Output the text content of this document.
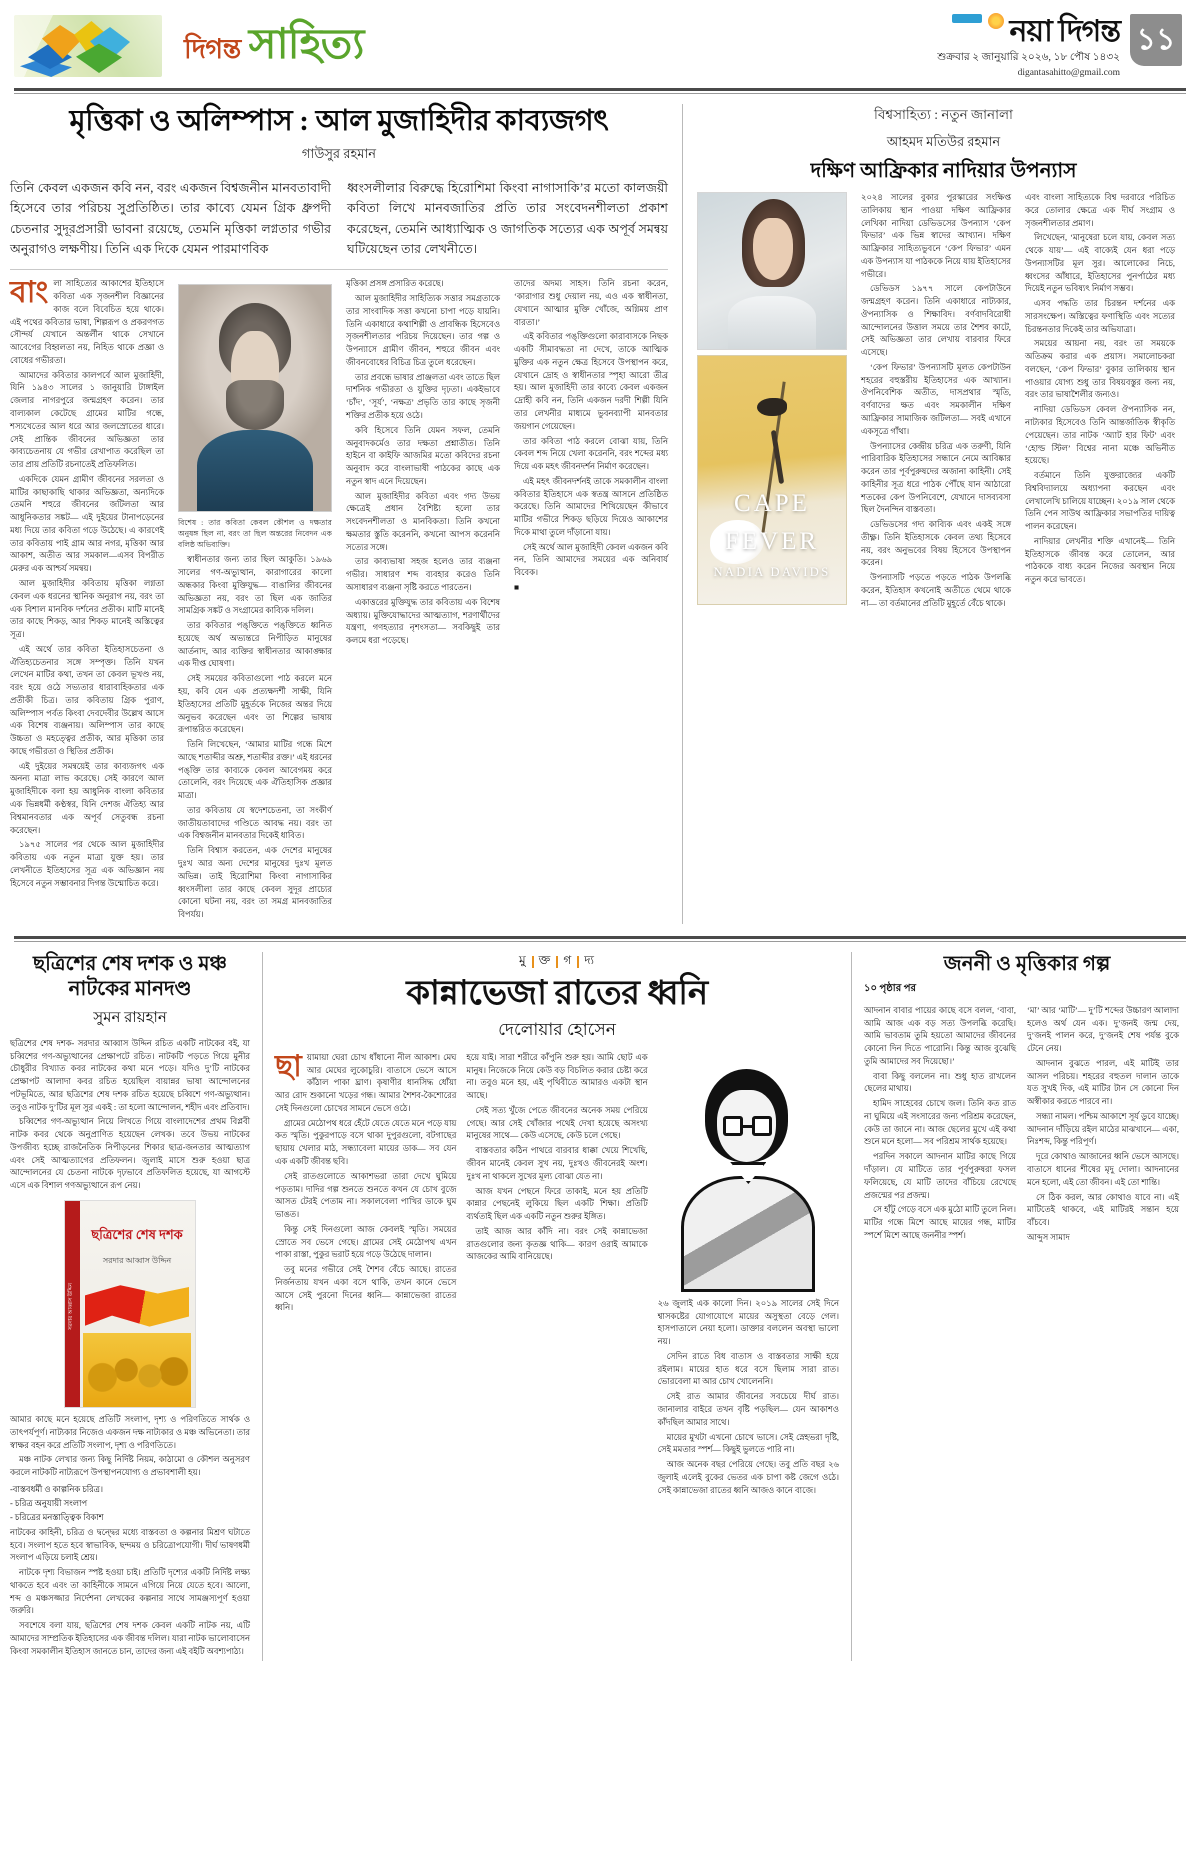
দিগন্ত সাহিত্য	নয়া দিগন্ত
শুক্রবার ২ জানুয়ারি ২০২৬, ১৮ পৌষ ১৪৩২
digantasahitto@gmail.com
১১
মৃত্তিকা ও অলিম্পাস : আল মুজাহিদীর কাব্যজগৎ
গাউসুর রহমান

তিনি কেবল একজন কবি নন, বরং একজন বিশ্বজনীন মানবতাবাদী হিসেবে তার পরিচয় সুপ্রতিষ্ঠিত। তার কাব্যে যেমন গ্রিক ধ্রুপদী চেতনার সুদূরপ্রসারী ভাবনা রয়েছে, তেমনি মৃত্তিকা লগ্নতার গভীর অনুরাগও লক্ষণীয়। তিনি এক দিকে যেমন পারমাণবিক

ধ্বংসলীলার বিরুদ্ধে হিরোশিমা কিংবা নাগাসাকি’র মতো কালজয়ী কবিতা লিখে মানবজাতির প্রতি তার সংবেদনশীলতা প্রকাশ করেছেন, তেমনি আধ্যাত্মিক ও জাগতিক সত্যের এক অপূর্ব সমন্বয় ঘটিয়েছেন তার লেখনীতে।

বাংলা সাহিত্যের আকাশের ইতিহাসে কবিতা এক সৃজনশীল বিজ্ঞানের কাজ বলে বিবেচিত হয়ে থাকে। এই পথের কবিতার ভাষা, শিল্পরূপ ও প্রকরণগত সৌন্দর্য যেখানে অন্তর্লীন থাকে সেখানে আবেগের বিহ্বলতা নয়, নিহিত থাকে প্রজ্ঞা ও বোধের গভীরতা।

আমাদের কবিতার কালপর্বে আল মুজাহিদী, যিনি ১৯৪৩ সালের ১ জানুয়ারি টাঙ্গাইল জেলার নাগরপুরে জন্মগ্রহণ করেন। তার বাল্যকাল কেটেছে গ্রামের মাটির গন্ধে, শস্যখেতের আল ধরে আর জলস্রোতের ধারে। সেই প্রান্তিক জীবনের অভিজ্ঞতা তার কাব্যচেতনায় যে গভীর রেখাপাত করেছিল তা তার প্রায় প্রতিটি রচনাতেই প্রতিফলিত।

একদিকে যেমন গ্রামীণ জীবনের সরলতা ও মাটির কাছাকাছি থাকার অভিজ্ঞতা, অন্যদিকে তেমনি শহুরে জীবনের জটিলতা আর আধুনিকতার সঙ্কট— এই দুইয়ের টানাপড়েনের মধ্য দিয়ে তার কবিতা গড়ে উঠেছে। এ কারণেই তার কবিতায় পাই গ্রাম আর নগর, মৃত্তিকা আর আকাশ, অতীত আর সমকাল—এসব বিপরীত মেরুর এক আশ্চর্য সমন্বয়।

আল মুজাহিদীর কবিতায় মৃত্তিকা লগ্নতা কেবল এক ধরনের স্থানিক অনুরাগ নয়, বরং তা এক বিশাল মানবিক দর্শনের প্রতীক। মাটি মানেই তার কাছে শিকড়, আর শিকড় মানেই অস্তিত্বের সূত্র।

এই অর্থে তার কবিতা ইতিহাসচেতনা ও ঐতিহ্যচেতনার সঙ্গে সম্পৃক্ত। তিনি যখন লেখেন মাটির কথা, তখন তা কেবল ভূখণ্ড নয়, বরং হয়ে ওঠে সভ্যতার ধারাবাহিকতার এক প্রতীকী চিত্র। তার কবিতায় গ্রিক পুরাণ, অলিম্পাস পর্বত কিংবা দেবদেবীর উল্লেখ আসে এক বিশেষ ব্যঞ্জনায়। অলিম্পাস তার কাছে উচ্চতা ও মহত্ত্বের প্রতীক, আর মৃত্তিকা তার কাছে গভীরতা ও স্থিতির প্রতীক।

এই দুইয়ের সমন্বয়েই তার কাব্যজগৎ এক অনন্য মাত্রা লাভ করেছে। সেই কারণে আল মুজাহিদীকে বলা হয় আধুনিক বাংলা কবিতার এক ভিন্নধর্মী কণ্ঠস্বর, যিনি দেশজ ঐতিহ্য আর বিশ্বমানবতার এক অপূর্ব সেতুবন্ধ রচনা করেছেন।

১৯৭৫ সালের পর থেকে আল মুজাহিদীর কবিতায় এক নতুন মাত্রা যুক্ত হয়। তার লেখনীতে ইতিহাসের সূত্র এক অভিজ্ঞান নয় হিসেবে নতুন সম্ভাবনার দিগন্ত উন্মোচিত করে।

বিশেষ : তার কবিতা কেবল কৌশল ও দক্ষতার অনুষঙ্গ ছিল না, বরং তা ছিল অন্তরের নিবেদন এক বলিষ্ঠ অভিব্যক্তি।

স্বাধীনতার জন্য তার ছিল আকুতি। ১৯৬৯ সালের গণ-অভ্যুত্থান, কারাগারের কালো অন্ধকার কিংবা মুক্তিযুদ্ধ— বাঙালির জীবনের অভিজ্ঞতা নয়, বরং তা ছিল এক জাতির সামগ্রিক সঙ্কট ও সংগ্রামের কাব্যিক দলিল।

তার কবিতার পঙ্‌ক্তিতে পঙ্‌ক্তিতে ধ্বনিত হয়েছে অর্থ অভ্যন্তরে নিপীড়িত মানুষের আর্তনাদ, আর ব্যক্তির স্বাধীনতার আকাঙ্ক্ষার এক দীপ্ত ঘোষণা।

সেই সময়ের কবিতাগুলো পাঠ করলে মনে হয়, কবি যেন এক প্রত্যক্ষদর্শী সাক্ষী, যিনি ইতিহাসের প্রতিটি মুহূর্তকে নিজের অন্তর দিয়ে অনুভব করেছেন এবং তা শিল্পের ভাষায় রূপান্তরিত করেছেন।

তিনি লিখেছেন, ‘আমার মাটির গন্ধে মিশে আছে শতাব্দীর অশ্রু, শতাব্দীর রক্ত।’ এই ধরনের পঙ্‌ক্তি তার কাব্যকে কেবল আবেগময় করে তোলেনি, বরং দিয়েছে এক ঐতিহাসিক প্রজ্ঞার মাত্রা।

তার কবিতায় যে স্বদেশচেতনা, তা সংকীর্ণ জাতীয়তাবাদের গণ্ডিতে আবদ্ধ নয়। বরং তা এক বিশ্বজনীন মানবতার দিকেই ধাবিত।

তিনি বিশ্বাস করতেন, এক দেশের মানুষের দুঃখ আর অন্য দেশের মানুষের দুঃখ মূলত অভিন্ন। তাই হিরোশিমা কিংবা নাগাসাকির ধ্বংসলীলা তার কাছে কেবল সুদূর প্রাচ্যের কোনো ঘটনা নয়, বরং তা সমগ্র মানবজাতির বিপর্যয়।

মৃত্তিকা প্রসঙ্গ প্রসারিত করেছে।

আল মুজাহিদীর সাহিত্যিক সত্তার সমগ্রতাকে তার সাংবাদিক সত্তা কখনো চাপা পড়ে যায়নি। তিনি একাধারে কথাশিল্পী ও প্রাবন্ধিক হিসেবেও সৃজনশীলতার পরিচয় দিয়েছেন। তার গল্প ও উপন্যাসে গ্রামীণ জীবন, শহুরে জীবন এবং জীবনবোধের বিচিত্র চিত্র তুলে ধরেছেন।

তার প্রবন্ধে ভাষার প্রাঞ্জলতা এবং তাতে ছিল দার্শনিক গভীরতা ও যুক্তির দৃঢ়তা। একইভাবে ‘চাঁদ’, ‘সূর্য’, ‘নক্ষত্র’ প্রভৃতি তার কাছে সৃজনী শক্তির প্রতীক হয়ে ওঠে।

কবি হিসেবে তিনি যেমন সফল, তেমনি অনুবাদকর্মেও তার দক্ষতা প্রশ্নাতীত। তিনি হাইনে বা কাইফি আজমির মতো কবিদের রচনা অনুবাদ করে বাংলাভাষী পাঠকের কাছে এক নতুন স্বাদ এনে দিয়েছেন।

আল মুজাহিদীর কবিতা এবং গদ্য উভয় ক্ষেত্রেই প্রধান বৈশিষ্ট্য হলো তার সংবেদনশীলতা ও মানবিকতা। তিনি কখনো ক্ষমতার স্তুতি করেননি, কখনো আপস করেননি সত্যের সঙ্গে।

তার কাব্যভাষা সহজ হলেও তার ব্যঞ্জনা গভীর। সাধারণ শব্দ ব্যবহার করেও তিনি অসাধারণ ব্যঞ্জনা সৃষ্টি করতে পারতেন।

একাত্তরের মুক্তিযুদ্ধ তার কবিতায় এক বিশেষ অধ্যায়। মুক্তিযোদ্ধাদের আত্মত্যাগ, শরণার্থীদের যন্ত্রণা, গণহত্যার নৃশংসতা— সবকিছুই তার কলমে ধরা পড়েছে।

তাদের অদম্য সাহস। তিনি রচনা করেন, ‘কারাগার শুধু দেয়াল নয়, এও এক স্বাধীনতা, যেখানে আত্মার মুক্তি খোঁজে, অগ্নিময় প্রাণ বারতা।’

এই কবিতার পঙ্‌ক্তিগুলো কারাবাসকে নিছক একটি সীমাবদ্ধতা না দেখে, তাকে আত্মিক মুক্তির এক নতুন ক্ষেত্র হিসেবে উপস্থাপন করে, যেখানে দ্রোহ ও স্বাধীনতার স্পৃহা আরো তীব্র হয়। আল মুজাহিদী তার কাব্যে কেবল একজন দ্রোহী কবি নন, তিনি একজন দরদী শিল্পী যিনি তার লেখনীর মাধ্যমে ভুবনব্যাপী মানবতার জয়গান গেয়েছেন।

তার কবিতা পাঠ করলে বোঝা যায়, তিনি কেবল শব্দ নিয়ে খেলা করেননি, বরং শব্দের মধ্য দিয়ে এক মহৎ জীবনদর্শন নির্মাণ করেছেন।

এই মহৎ জীবনদর্শনই তাকে সমকালীন বাংলা কবিতার ইতিহাসে এক স্বতন্ত্র আসনে প্রতিষ্ঠিত করেছে। তিনি আমাদের শিখিয়েছেন কীভাবে মাটির গভীরে শিকড় ছড়িয়ে দিয়েও আকাশের দিকে মাথা তুলে দাঁড়ানো যায়।

সেই অর্থে আল মুজাহিদী কেবল একজন কবি নন, তিনি আমাদের সময়ের এক অনিবার্য বিবেক।

■

বিশ্বসাহিত্য : নতুন জানালা
আহমদ মতিউর রহমান
দক্ষিণ আফ্রিকার নাদিয়ার উপন্যাস
CAPE FEVER
NADIA DAVIDS

২০২৪ সালের বুকার পুরস্কারের সংক্ষিপ্ত তালিকায় স্থান পাওয়া দক্ষিণ আফ্রিকার লেখিকা নাদিয়া ডেভিডসের উপন্যাস ‘কেপ ফিভার’ এক ভিন্ন স্বাদের আখ্যান। দক্ষিণ আফ্রিকার সাহিত্যভুবনে ‘কেপ ফিভার’ এমন এক উপন্যাস যা পাঠককে নিয়ে যায় ইতিহাসের গভীরে।

ডেভিডস ১৯৭৭ সালে কেপটাউনে জন্মগ্রহণ করেন। তিনি একাধারে নাট্যকার, ঔপন্যাসিক ও শিক্ষাবিদ। বর্ণবাদবিরোধী আন্দোলনের উত্তাল সময়ে তার শৈশব কাটে, সেই অভিজ্ঞতা তার লেখায় বারবার ফিরে এসেছে।

‘কেপ ফিভার’ উপন্যাসটি মূলত কেপটাউন শহরের বহুস্তরীয় ইতিহাসের এক আখ্যান। ঔপনিবেশিক অতীত, দাসপ্রথার স্মৃতি, বর্ণবাদের ক্ষত এবং সমকালীন দক্ষিণ আফ্রিকার সামাজিক জটিলতা— সবই এখানে একসূত্রে গাঁথা।

উপন্যাসের কেন্দ্রীয় চরিত্র এক তরুণী, যিনি পারিবারিক ইতিহাসের সন্ধানে নেমে আবিষ্কার করেন তার পূর্বপুরুষদের অজানা কাহিনী। সেই কাহিনীর সূত্র ধরে পাঠক পৌঁছে যান আঠারো শতকের কেপ উপনিবেশে, যেখানে দাসব্যবসা ছিল দৈনন্দিন বাস্তবতা।

ডেভিডসের গদ্য কাব্যিক এবং একই সঙ্গে তীক্ষ্ণ। তিনি ইতিহাসকে কেবল তথ্য হিসেবে নয়, বরং অনুভবের বিষয় হিসেবে উপস্থাপন করেন।

উপন্যাসটি পড়তে পড়তে পাঠক উপলব্ধি করেন, ইতিহাস কখনোই অতীতে থেমে থাকে না— তা বর্তমানের প্রতিটি মুহূর্তে বেঁচে থাকে।

এবং বাংলা সাহিত্যকে বিশ্ব দরবারে পরিচিত করে তোলার ক্ষেত্রে এক দীর্ঘ সংগ্রাম ও সৃজনশীলতার প্রমাণ।

লিখেছেন, ‘মানুষেরা চলে যায়, কেবল সত্য থেকে যায়’— এই বাক্যেই যেন ধরা পড়ে উপন্যাসটির মূল সুর। আলোকের নিচে, ধ্বংসের আঁধারে, ইতিহাসের পুনর্পাঠের মধ্য দিয়েই নতুন ভবিষ্যৎ নির্মাণ সম্ভব।

এসব পদ্ধতি তার চিরন্তন দর্শনের এক সারসংক্ষেপ। অস্তিত্বের ফণাস্থিতি এবং সত্যের চিরন্তনতার দিকেই তার অভিযাত্রা।

সময়ের আয়না নয়, বরং তা সময়কে অতিক্রম করার এক প্রয়াস। সমালোচকরা বলছেন, ‘কেপ ফিভার’ বুকার তালিকায় স্থান পাওয়ার যোগ্য শুধু তার বিষয়বস্তুর জন্য নয়, বরং তার ভাষাশৈলীর জন্যও।

নাদিয়া ডেভিডস কেবল ঔপন্যাসিক নন, নাট্যকার হিসেবেও তিনি আন্তর্জাতিক স্বীকৃতি পেয়েছেন। তার নাটক ‘অ্যাট হার ফিট’ এবং ‘হোল্ড স্টিল’ বিশ্বের নানা মঞ্চে অভিনীত হয়েছে।

বর্তমানে তিনি যুক্তরাজ্যের একটি বিশ্ববিদ্যালয়ে অধ্যাপনা করছেন এবং লেখালেখি চালিয়ে যাচ্ছেন। ২০১৯ সাল থেকে তিনি পেন সাউথ আফ্রিকার সভাপতির দায়িত্ব পালন করেছেন।

নাদিয়ার লেখনীর শক্তি এখানেই— তিনি ইতিহাসকে জীবন্ত করে তোলেন, আর পাঠককে বাধ্য করেন নিজের অবস্থান নিয়ে নতুন করে ভাবতে।

ছত্রিশের শেষ দশক ও মঞ্চ নাটকের মানদণ্ড
সুমন রায়হান

ছত্রিশের শেষ দশক- সরদার আব্বাস উদ্দিন রচিত একটি নাটকের বই, যা চব্বিশের গণ-অভ্যুত্থানের প্রেক্ষাপটে রচিত। নাটকটি পড়তে গিয়ে মুনীর চৌধুরীর বিখ্যাত কবর নাটকের কথা মনে পড়ে। যদিও দু’টি নাটকের প্রেক্ষাপট আলাদা কবর রচিত হয়েছিল বায়ান্নর ভাষা আন্দোলনের পটভূমিতে, আর ছত্রিশের শেষ দশক রচিত হয়েছে চব্বিশে গণ-অভ্যুত্থান। তবুও নাটক দু’টির মূল সুর একই : তা হলো আন্দোলন, শহীদ এবং প্রতিবাদ।

চব্বিশের গণ-অভ্যুত্থান নিয়ে লিখতে গিয়ে বাংলাদেশের প্রথম বিপ্লবী নাটক কবর থেকে অনুপ্রাণিত হয়েছেন লেখক। তবে উভয় নাটকের উপজীব্য হচ্ছে রাজনৈতিক নিপীড়নের শিকার ছাত্র-জনতার আত্মত্যাগ এবং সেই আত্মত্যাগের প্রতিফলন। জুলাই মাসে শুরু হওয়া ছাত্র আন্দোলনের যে চেতনা নাটকে দৃঢ়ভাবে প্রতিফলিত হয়েছে, যা আগস্টে এসে এক বিশাল গণঅভ্যুত্থানে রূপ নেয়।

সরদার আব্বাস উদ্দিন
ছত্রিশের শেষ দশক
সরদার আব্বাস উদ্দিন

আমার কাছে মনে হয়েছে প্রতিটি সংলাপ, দৃশ্য ও পরিণতিতে সার্থক ও তাৎপর্যপূর্ণ। নাট্যকার নিজেও একজন দক্ষ নাট্যকার ও মঞ্চ অভিনেতা। তার স্বাক্ষর বহন করে প্রতিটি সংলাপ, দৃশ্য ও পরিণতিতে।

মঞ্চ নাটক লেখার জন্য কিছু নির্দিষ্ট নিয়ম, কাঠামো ও কৌশল অনুসরণ করলে নাটকটি নাট্যরূপে উপস্থাপনযোগ্য ও প্রভাবশালী হয়।

-বাস্তবধর্মী ও কাল্পনিক চরিত্র।
- চরিত্র অনুযায়ী সংলাপ
- চরিত্রের মনস্তাত্ত্বিক বিকাশ

নাটকের কাহিনী, চরিত্র ও দ্বন্দ্বের মধ্যে বাস্তবতা ও কল্পনার মিশ্রণ ঘটাতে হবে। সংলাপ হতে হবে স্বাভাবিক, ছন্দময় ও চরিত্রোপযোগী। দীর্ঘ ভাষণধর্মী সংলাপ এড়িয়ে চলাই শ্রেয়।

নাটকে দৃশ্য বিভাজন স্পষ্ট হওয়া চাই। প্রতিটি দৃশ্যের একটি নির্দিষ্ট লক্ষ্য থাকতে হবে এবং তা কাহিনীকে সামনে এগিয়ে নিয়ে যেতে হবে। আলো, শব্দ ও মঞ্চসজ্জার নির্দেশনা লেখকের কল্পনার সাথে সামঞ্জস্যপূর্ণ হওয়া জরুরি।

সবশেষে বলা যায়, ছত্রিশের শেষ দশক কেবল একটি নাটক নয়, এটি আমাদের সাম্প্রতিক ইতিহাসের এক জীবন্ত দলিল। যারা নাটক ভালোবাসেন কিংবা সমকালীন ইতিহাস জানতে চান, তাদের জন্য এই বইটি অবশ্যপাঠ্য।

মু ক্ত গ দ্য
কান্নাভেজা রাতের ধ্বনি
দেলোয়ার হোসেন

ছায়ামায়া ঘেরা চোখ ধাঁধানো নীল আকাশ। মেঘ আর মেঘের লুকোচুরি। বাতাসে ভেসে আসে কাঁঠাল পাকা ঘ্রাণ। কৃষাণীর ধানসিদ্ধ ধোঁয়া আর রোদ শুকানো খড়ের গন্ধ। আমার শৈশব-কৈশোরের সেই দিনগুলো চোখের সামনে ভেসে ওঠে।

গ্রামের মেঠোপথ ধরে হেঁটে যেতে যেতে মনে পড়ে যায় কত স্মৃতি। পুকুরপাড়ে বসে থাকা দুপুরগুলো, বটগাছের ছায়ায় খেলার মাঠ, সন্ধ্যাবেলা মায়ের ডাক— সব যেন এক একটি জীবন্ত ছবি।

সেই রাতগুলোতে আকাশভরা তারা দেখে ঘুমিয়ে পড়তাম। দাদির গল্প শুনতে শুনতে কখন যে চোখ বুজে আসত টেরই পেতাম না। সকালবেলা পাখির ডাকে ঘুম ভাঙত।

কিন্তু সেই দিনগুলো আজ কেবলই স্মৃতি। সময়ের স্রোতে সব ভেসে গেছে। গ্রামের সেই মেঠোপথ এখন পাকা রাস্তা, পুকুর ভরাট হয়ে গড়ে উঠেছে দালান।

তবু মনের গভীরে সেই শৈশব বেঁচে আছে। রাতের নির্জনতায় যখন একা বসে থাকি, তখন কানে ভেসে আসে সেই পুরনো দিনের ধ্বনি— কান্নাভেজা রাতের ধ্বনি।

হয়ে যাই। সারা শরীরে কাঁপুনি শুরু হয়। আমি ছোট এক মানুষ। নিজেকে নিয়ে কেউ বড় বিচলিত করার চেষ্টা করে না। তবুও মনে হয়, এই পৃথিবীতে আমারও একটা স্থান আছে।

সেই সত্য খুঁজে পেতে জীবনের অনেক সময় পেরিয়ে গেছে। আর সেই খোঁজার পথেই দেখা হয়েছে অসংখ্য মানুষের সাথে— কেউ এসেছে, কেউ চলে গেছে।

বাস্তবতার কঠিন পাথরে বারবার ধাক্কা খেয়ে শিখেছি, জীবন মানেই কেবল সুখ নয়, দুঃখও জীবনেরই অংশ। দুঃখ না থাকলে সুখের মূল্য বোঝা যেত না।

আজ যখন পেছনে ফিরে তাকাই, মনে হয় প্রতিটি কান্নার পেছনেই লুকিয়ে ছিল একটি শিক্ষা। প্রতিটি ব্যর্থতাই ছিল এক একটি নতুন শুরুর ইঙ্গিত।

তাই আজ আর কাঁদি না। বরং সেই কান্নাভেজা রাতগুলোর জন্য কৃতজ্ঞ থাকি— কারণ ওরাই আমাকে আজকের আমি বানিয়েছে।

২৬ জুলাই এক কালো দিন। ২০১৯ সালের সেই দিনে শ্বাসকষ্টের যোগাযোগে মায়ের অসুস্থতা বেড়ে গেল। হাসপাতালে নেয়া হলো। ডাক্তার বললেন অবস্থা ভালো নয়।

সেদিন রাতে বিধ বাতাস ও বাস্তবতার সাক্ষী হয়ে রইলাম। মায়ের হাত ধরে বসে ছিলাম সারা রাত। ভোরবেলা মা আর চোখ খোলেননি।

সেই রাত আমার জীবনের সবচেয়ে দীর্ঘ রাত। জানালার বাইরে তখন বৃষ্টি পড়ছিল— যেন আকাশও কাঁদছিল আমার সাথে।

মায়ের মুখটা এখনো চোখে ভাসে। সেই স্নেহভরা দৃষ্টি, সেই মমতার স্পর্শ— কিছুই ভুলতে পারি না।

আজ অনেক বছর পেরিয়ে গেছে। তবু প্রতি বছর ২৬ জুলাই এলেই বুকের ভেতর এক চাপা কষ্ট জেগে ওঠে। সেই কান্নাভেজা রাতের ধ্বনি আজও কানে বাজে।

জননী ও মৃত্তিকার গল্প
১০ পৃষ্ঠার পর

আদনান বাবার পায়ের কাছে বসে বলল, ‘বাবা, আমি আজ এক বড় সত্য উপলব্ধি করেছি। আমি ভাবতাম তুমি হয়তো আমাদের জীবনের কোনো দিন দিতে পারোনি। কিন্তু আজ বুঝেছি তুমি আমাদের সব দিয়েছো।’

বাবা কিছু বললেন না। শুধু হাত রাখলেন ছেলের মাথায়।

হামিদ সাহেবের চোখে জল। তিনি কত রাত না ঘুমিয়ে এই সংসারের জন্য পরিশ্রম করেছেন, কেউ তা জানে না। আজ ছেলের মুখে এই কথা শুনে মনে হলো— সব পরিশ্রম সার্থক হয়েছে।

পরদিন সকালে আদনান মাটির কাছে গিয়ে দাঁড়াল। যে মাটিতে তার পূর্বপুরুষরা ফসল ফলিয়েছে, যে মাটি তাদের বাঁচিয়ে রেখেছে প্রজন্মের পর প্রজন্ম।

সে হাঁটু গেড়ে বসে এক মুঠো মাটি তুলে নিল। মাটির গন্ধে মিশে আছে মায়ের গন্ধ, মাটির স্পর্শে মিশে আছে জননীর স্পর্শ।

‘মা’ আর ‘মাটি’— দু’টি শব্দের উচ্চারণ আলাদা হলেও অর্থ যেন এক। দু’জনই জন্ম দেয়, দু’জনই পালন করে, দু’জনই শেষ পর্যন্ত বুকে টেনে নেয়।

আদনান বুঝতে পারল, এই মাটিই তার আসল পরিচয়। শহরের বহুতল দালান তাকে যত সুখই দিক, এই মাটির টান সে কোনো দিন অস্বীকার করতে পারবে না।

সন্ধ্যা নামল। পশ্চিম আকাশে সূর্য ডুবে যাচ্ছে। আদনান দাঁড়িয়ে রইল মাঠের মাঝখানে— একা, নিঃশব্দ, কিন্তু পরিপূর্ণ।

দূরে কোথাও আজানের ধ্বনি ভেসে আসছে। বাতাসে ধানের শীষের মৃদু দোলা। আদনানের মনে হলো, এই তো জীবন। এই তো শান্তি।

সে ঠিক করল, আর কোথাও যাবে না। এই মাটিতেই থাকবে, এই মাটিরই সন্তান হয়ে বাঁচবে।

আব্দুস সামাদ
